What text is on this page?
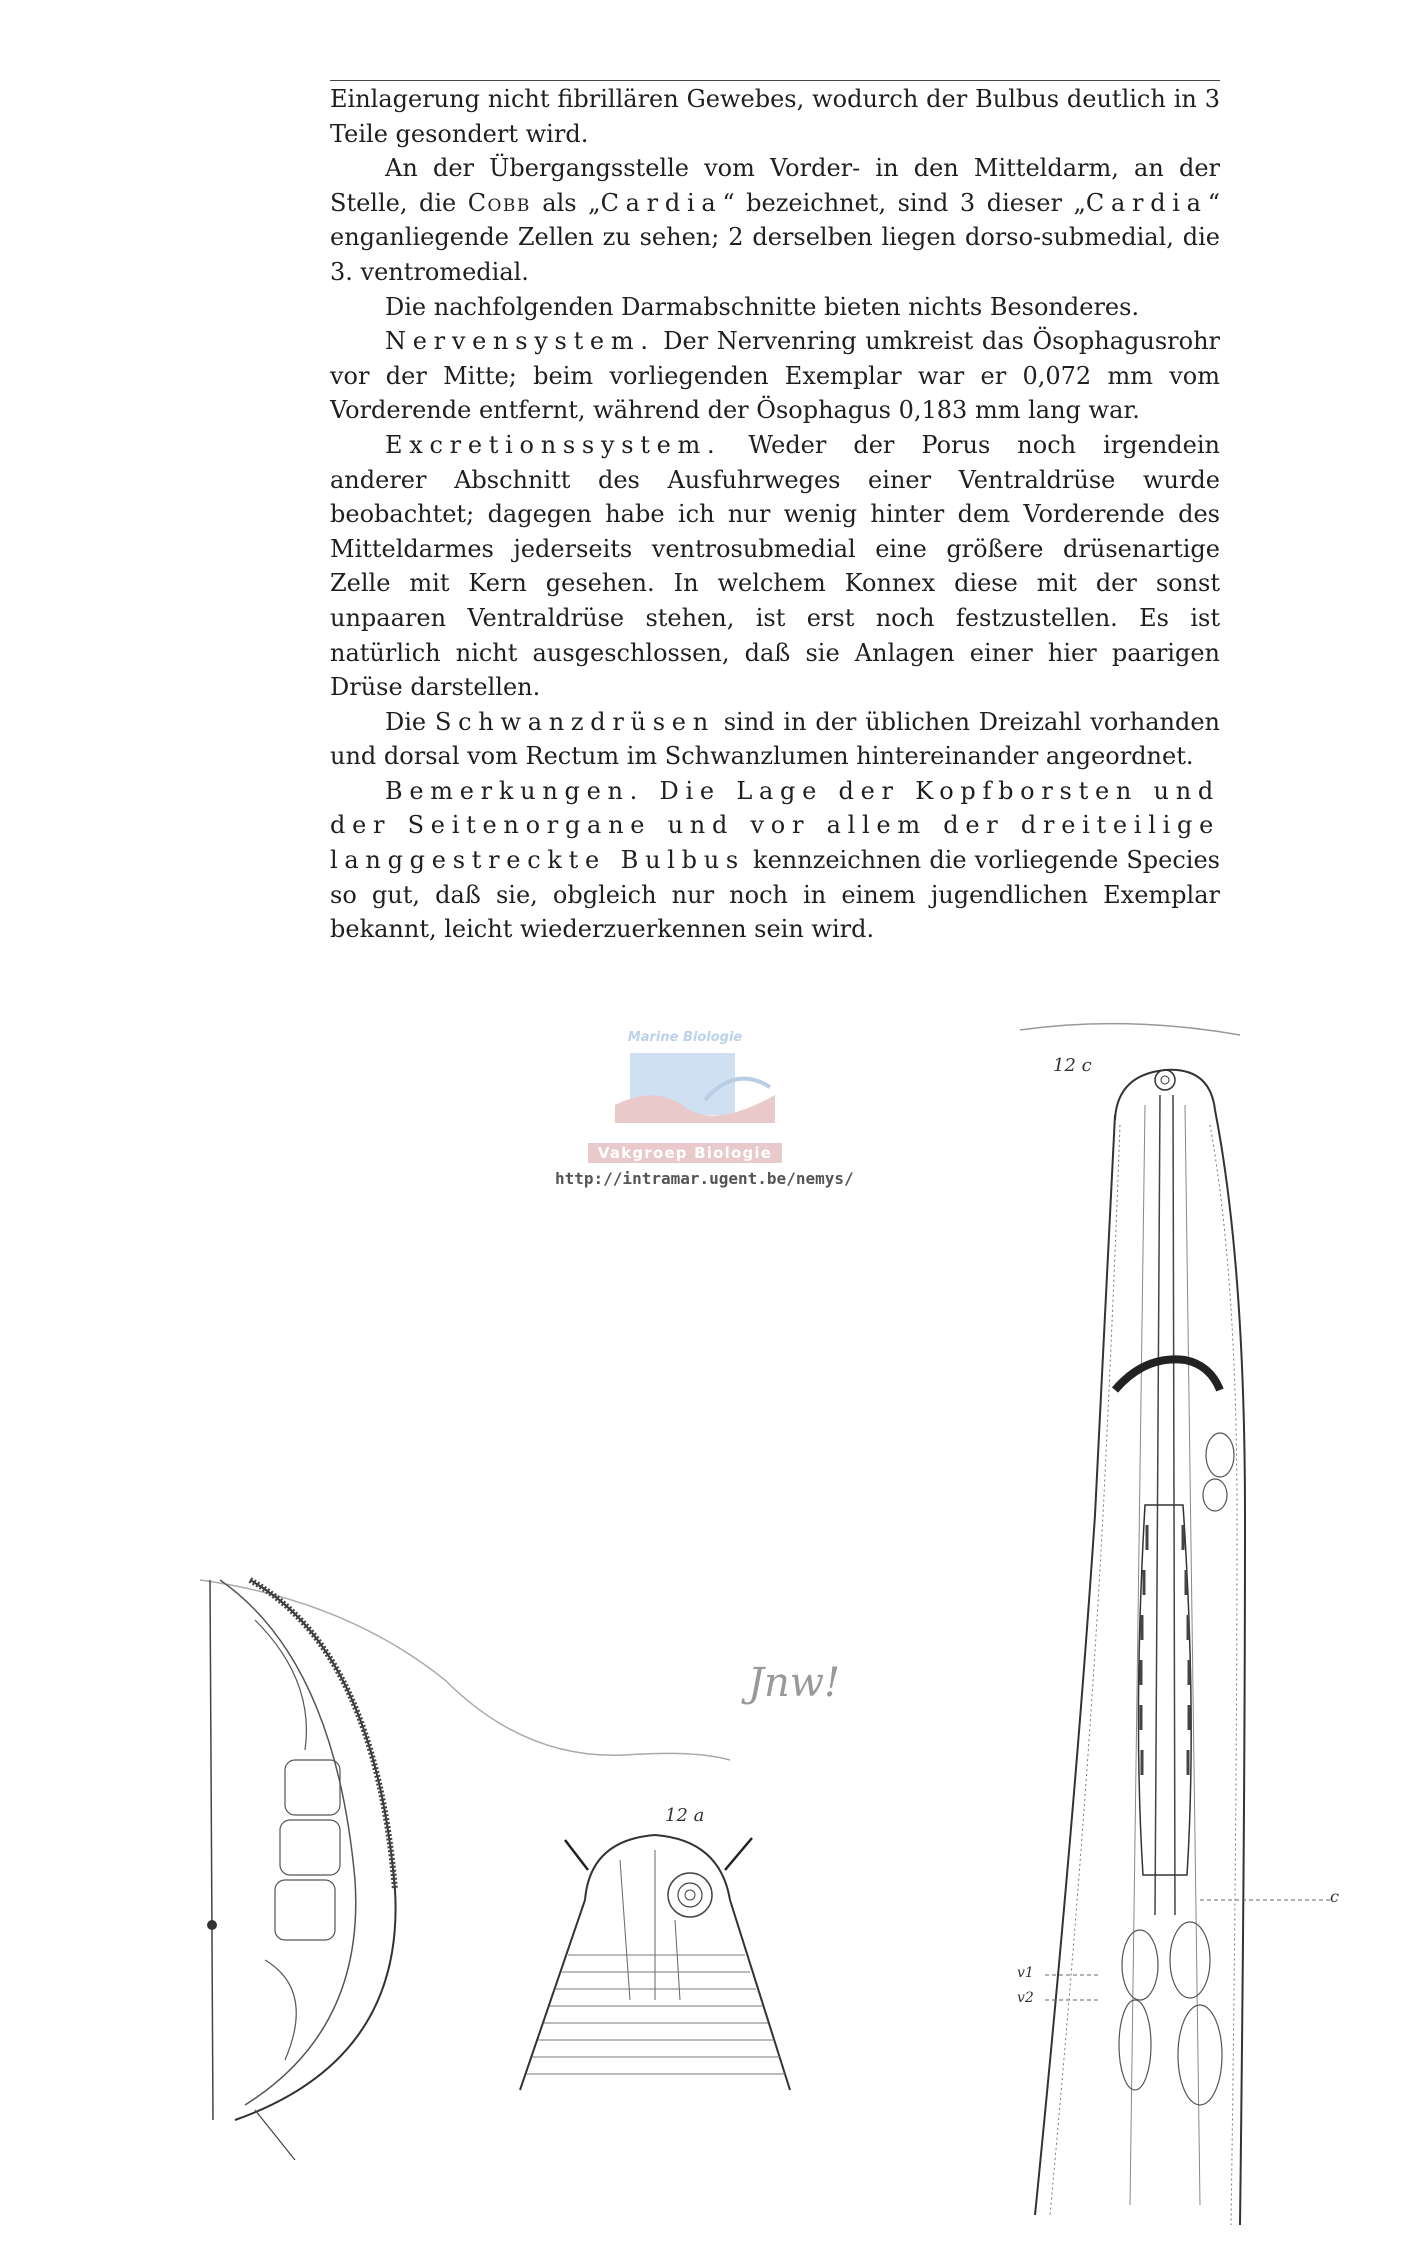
Einlagerung nicht fibrillären Gewebes, wodurch der Bulbus deutlich in 3 Teile gesondert wird.

An der Übergangsstelle vom Vorder- in den Mitteldarm, an der Stelle, die Cobb als „Cardia“ bezeichnet, sind 3 dieser „Cardia“ enganliegende Zellen zu sehen; 2 derselben liegen dorso-submedial, die 3. ventromedial.

Die nachfolgenden Darmabschnitte bieten nichts Besonderes.

Nervensystem. Der Nervenring umkreist das Ösophagusrohr vor der Mitte; beim vorliegenden Exemplar war er 0,072 mm vom Vorderende entfernt, während der Ösophagus 0,183 mm lang war.

Excretionssystem. Weder der Porus noch irgendein anderer Abschnitt des Ausfuhrweges einer Ventraldrüse wurde beobachtet; dagegen habe ich nur wenig hinter dem Vorderende des Mitteldarmes jederseits ventrosubmedial eine größere drüsenartige Zelle mit Kern gesehen. In welchem Konnex diese mit der sonst unpaaren Ventraldrüse stehen, ist erst noch festzustellen. Es ist natürlich nicht ausgeschlossen, daß sie Anlagen einer hier paarigen Drüse darstellen.

Die Schwanzdrüsen sind in der üblichen Dreizahl vorhanden und dorsal vom Rectum im Schwanzlumen hintereinander angeordnet.

Bemerkungen. Die Lage der Kopfborsten und der Seitenorgane und vor allem der dreiteilige langgestreckte Bulbus kennzeichnen die vorliegende Species so gut, daß sie, obgleich nur noch in einem jugendlichen Exemplar bekannt, leicht wiederzuerkennen sein wird.

Marine Biologie
Vakgroep Biologie
http://intramar.ugent.be/nemys/
12 c
c
v1
v2
12 a
Jnw!
